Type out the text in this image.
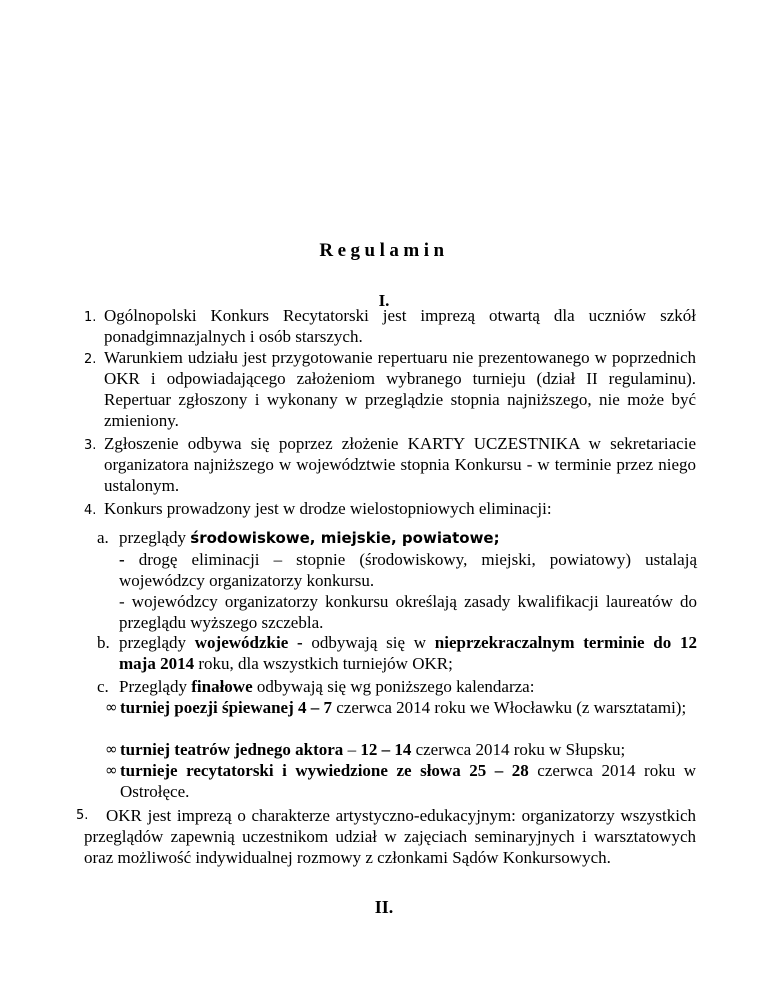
Regulamin
I.
1. Ogólnopolski Konkurs Recytatorski jest imprezą otwartą dla uczniów szkół ponadgimnazjalnych i osób starszych.
2. Warunkiem udziału jest przygotowanie repertuaru nie prezentowanego w poprzednich OKR i odpowiadającego założeniom wybranego turnieju (dział II regulaminu). Repertuar zgłoszony i wykonany w przeglądzie stopnia najniższego, nie może być zmieniony.
3. Zgłoszenie odbywa się poprzez złożenie KARTY UCZESTNIKA w sekretariacie organizatora najniższego w województwie stopnia Konkursu - w terminie przez niego ustalonym.
4. Konkurs prowadzony jest w drodze wielostopniowych eliminacji:
a. przeglądy środowiskowe, miejskie, powiatowe;
- drogę eliminacji – stopnie (środowiskowy, miejski, powiatowy) ustalają wojewódzcy organizatorzy konkursu.
- wojewódzcy organizatorzy konkursu określają zasady kwalifikacji laureatów do przeglądu wyższego szczebla.
b. przeglądy wojewódzkie - odbywają się w nieprzekraczalnym terminie do 12 maja 2014 roku, dla wszystkich turniejów OKR;
c. Przeglądy finałowe odbywają się wg poniższego kalendarza:
∞ turniej poezji śpiewanej 4 – 7 czerwca 2014 roku we Włocławku (z warsztatami);
∞ turniej teatrów jednego aktora – 12 – 14 czerwca 2014 roku w Słupsku;
∞ turnieje recytatorski i wywiedzione ze słowa 25 – 28 czerwca 2014 roku w Ostrołęce.
5. OKR jest imprezą o charakterze artystyczno-edukacyjnym: organizatorzy wszystkich przeglądów zapewnią uczestnikom udział w zajęciach seminaryjnych i warsztatowych oraz możliwość indywidualnej rozmowy z członkami Sądów Konkursowych.
II.
